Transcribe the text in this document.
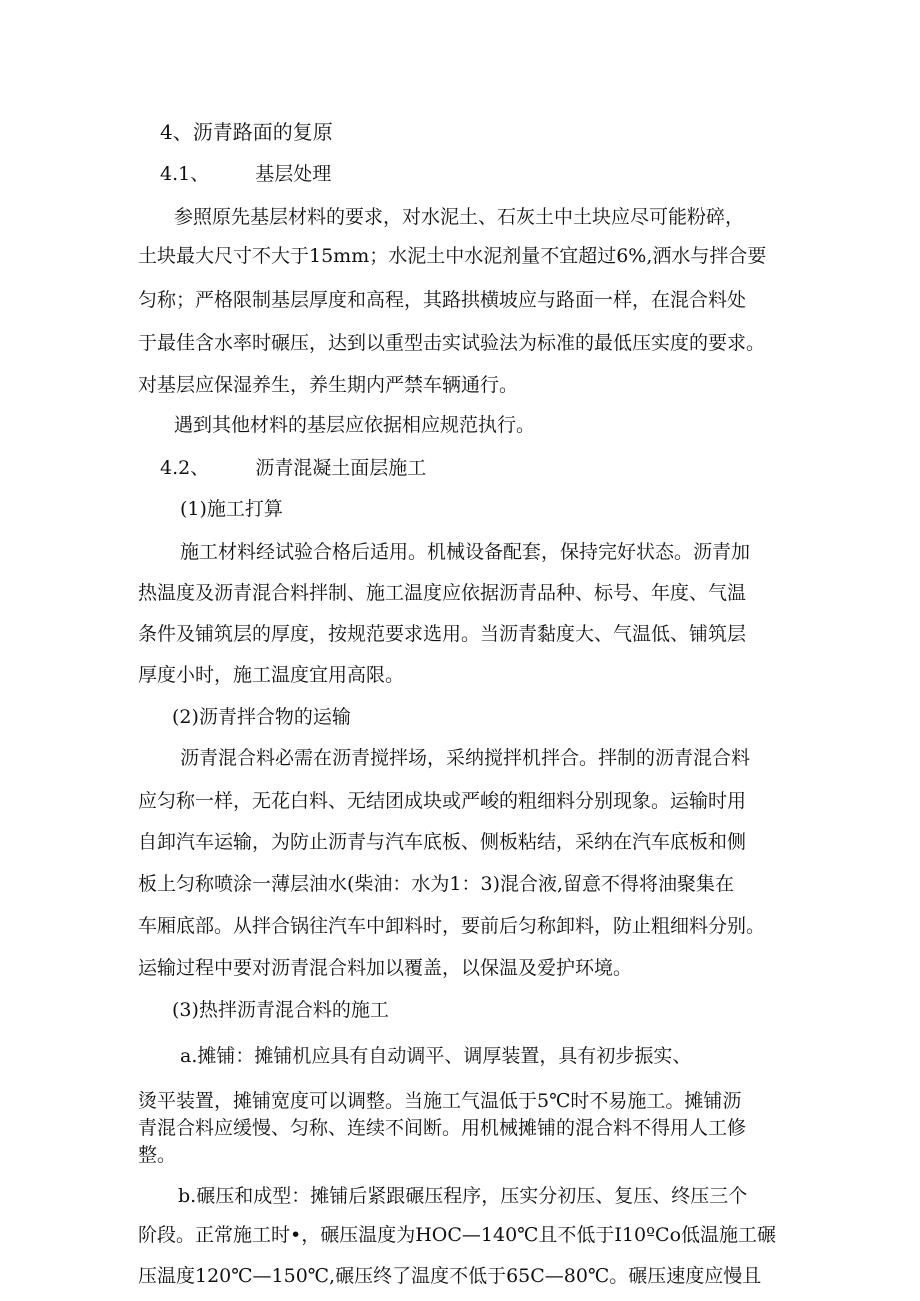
4、沥青路面的复原
4.1、 基层处理
参照原先基层材料的要求，对水泥土、石灰土中土块应尽可能粉碎，
土块最大尺寸不大于15mm；水泥土中水泥剂量不宜超过6%,洒水与拌合要
匀称；严格限制基层厚度和高程，其路拱横坡应与路面一样，在混合料处
于最佳含水率时碾压，达到以重型击实试验法为标准的最低压实度的要求。
对基层应保湿养生，养生期内严禁车辆通行。
遇到其他材料的基层应依据相应规范执行。
4.2、 沥青混凝土面层施工
(1)施工打算
施工材料经试验合格后适用。机械设备配套，保持完好状态。沥青加
热温度及沥青混合料拌制、施工温度应依据沥青品种、标号、年度、气温
条件及铺筑层的厚度，按规范要求选用。当沥青黏度大、气温低、铺筑层
厚度小时，施工温度宜用高限。
(2)沥青拌合物的运输
沥青混合料必需在沥青搅拌场，采纳搅拌机拌合。拌制的沥青混合料
应匀称一样，无花白料、无结团成块或严峻的粗细料分别现象。运输时用
自卸汽车运输，为防止沥青与汽车底板、侧板粘结，采纳在汽车底板和侧
板上匀称喷涂一薄层油水(柴油：水为1：3)混合液,留意不得将油聚集在
车厢底部。从拌合锅往汽车中卸料时，要前后匀称卸料，防止粗细料分别。
运输过程中要对沥青混合料加以覆盖，以保温及爱护环境。
(3)热拌沥青混合料的施工
a.摊铺：摊铺机应具有自动调平、调厚装置，具有初步振实、
烫平装置，摊铺宽度可以调整。当施工气温低于5℃时不易施工。摊铺沥
青混合料应缓慢、匀称、连续不间断。用机械摊铺的混合料不得用人工修
整。
b.碾压和成型：摊铺后紧跟碾压程序，压实分初压、复压、终压三个
阶段。正常施工时•，碾压温度为HOC—140℃且不低于I10ºCo低温施工碾
压温度120℃—150℃,碾压终了温度不低于65C—80℃。碾压速度应慢且
